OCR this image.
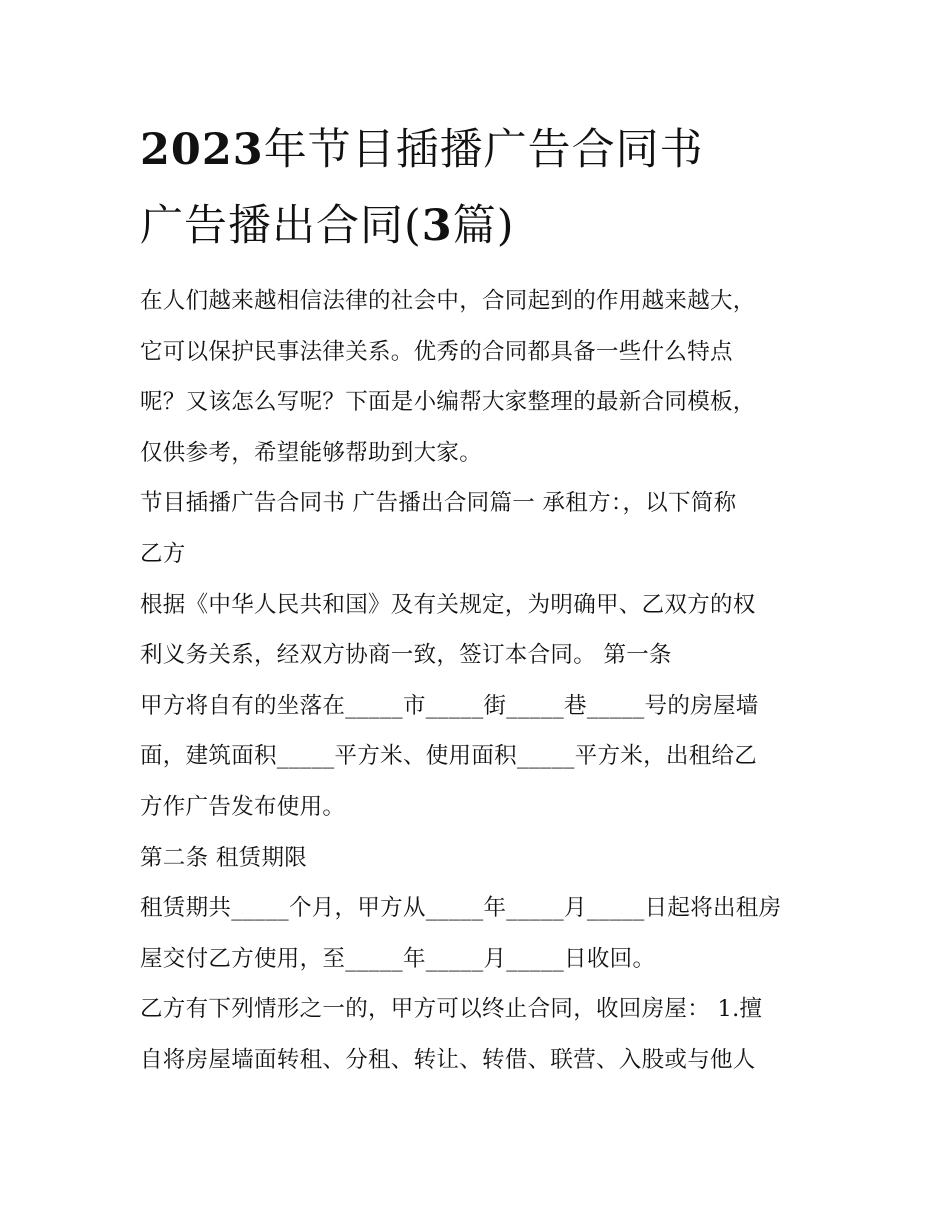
2023年节目插播广告合同书
广告播出合同(3篇)
在人们越来越相信法律的社会中，合同起到的作用越来越大，
它可以保护民事法律关系。优秀的合同都具备一些什么特点
呢？又该怎么写呢？下面是小编帮大家整理的最新合同模板，
仅供参考，希望能够帮助到大家。
节目插播广告合同书 广告播出合同篇一 承租方：，以下简称
乙方
根据《中华人民共和国》及有关规定，为明确甲、乙双方的权
利义务关系，经双方协商一致，签订本合同。 第一条
甲方将自有的坐落在_____市_____街_____巷_____号的房屋墙
面，建筑面积_____平方米、使用面积_____平方米，出租给乙
方作广告发布使用。
第二条 租赁期限
租赁期共_____个月，甲方从_____年_____月_____日起将出租房
屋交付乙方使用，至_____年_____月_____日收回。
乙方有下列情形之一的，甲方可以终止合同，收回房屋： 1.擅
自将房屋墙面转租、分租、转让、转借、联营、入股或与他人
